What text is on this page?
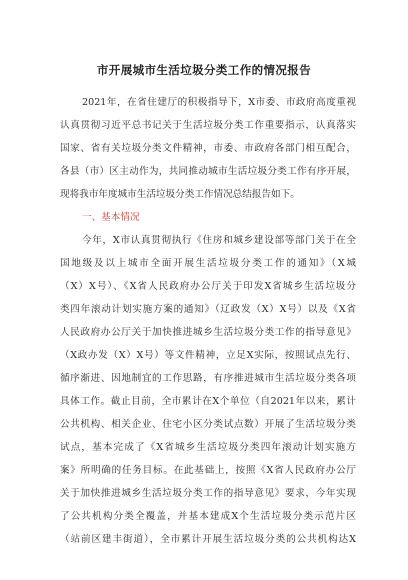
市开展城市生活垃圾分类工作的情况报告
2021年，在省住建厅的积极指导下，X市委、市政府高度重视
认真贯彻习近平总书记关于生活垃圾分类工作重要指示，认真落实
国家、省有关垃圾分类文件精神，市委、市政府各部门相互配合，
各县（市）区主动作为，共同推动城市生活垃圾分类工作有序开展，
现将我市年度城市生活垃圾分类工作情况总结报告如下。
一、基本情况
今年，X市认真贯彻执行《住房和城乡建设部等部门关于在全
国地级及以上城市全面开展生活垃圾分类工作的通知》（X城
（X）X号）、《X省人民政府办公厅关于印发X省城乡生活垃圾分
类四年滚动计划实施方案的通知》（辽政发（X）X号）以及《X省
人民政府办公厅关于加快推进城乡生活垃圾分类工作的指导意见》
（X政办发（X）X号）等文件精神，立足X实际，按照试点先行、
循序渐进、因地制宜的工作思路，有序推进城市生活垃圾分类各项
具体工作。截止目前，全市累计在X个单位（自2021年以来，累计
公共机构、相关企业、住宅小区分类试点数）开展了生活垃圾分类
试点，基本完成了《X省城乡生活垃圾分类四年滚动计划实施方
案》所明确的任务目标。在此基础上，按照《X省人民政府办公厅
关于加快推进城乡生活垃圾分类工作的指导意见》要求，今年实现
了公共机构分类全覆盖，并基本建成X个生活垃圾分类示范片区
（站前区建丰街道），全市累计开展生活垃圾分类的公共机构达X
